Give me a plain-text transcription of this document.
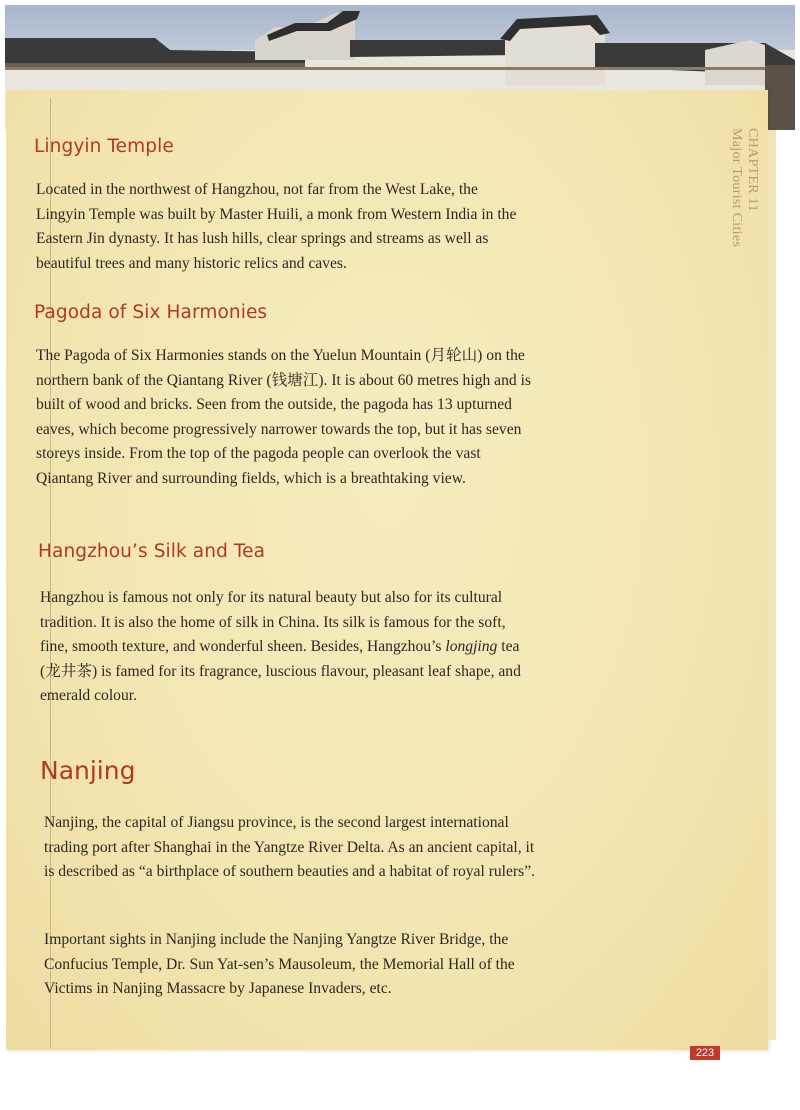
CHAPTER 11
Major Tourist Cities
Lingyin Temple

Located in the northwest of Hangzhou, not far from the West Lake, the Lingyin Temple was built by Master Huili, a monk from Western India in the Eastern Jin dynasty. It has lush hills, clear springs and streams as well as beautiful trees and many historic relics and caves.

Pagoda of Six Harmonies

The Pagoda of Six Harmonies stands on the Yuelun Mountain (月轮山) on the northern bank of the Qiantang River (钱塘江). It is about 60 metres high and is built of wood and bricks. Seen from the outside, the pagoda has 13 upturned eaves, which become progressively narrower towards the top, but it has seven storeys inside. From the top of the pagoda people can overlook the vast Qiantang River and surrounding fields, which is a breathtaking view.

Hangzhou’s Silk and Tea

Hangzhou is famous not only for its natural beauty but also for its cultural tradition. It is also the home of silk in China. Its silk is famous for the soft, fine, smooth texture, and wonderful sheen. Besides, Hangzhou’s longjing tea (龙井茶) is famed for its fragrance, luscious flavour, pleasant leaf shape, and emerald colour.

Nanjing

Nanjing, the capital of Jiangsu province, is the second largest international trading port after Shanghai in the Yangtze River Delta. As an ancient capital, it is described as “a birthplace of southern beauties and a habitat of royal rulers”.

Important sights in Nanjing include the Nanjing Yangtze River Bridge, the Confucius Temple, Dr. Sun Yat-sen’s Mausoleum, the Memorial Hall of the Victims in Nanjing Massacre by Japanese Invaders, etc.

223
